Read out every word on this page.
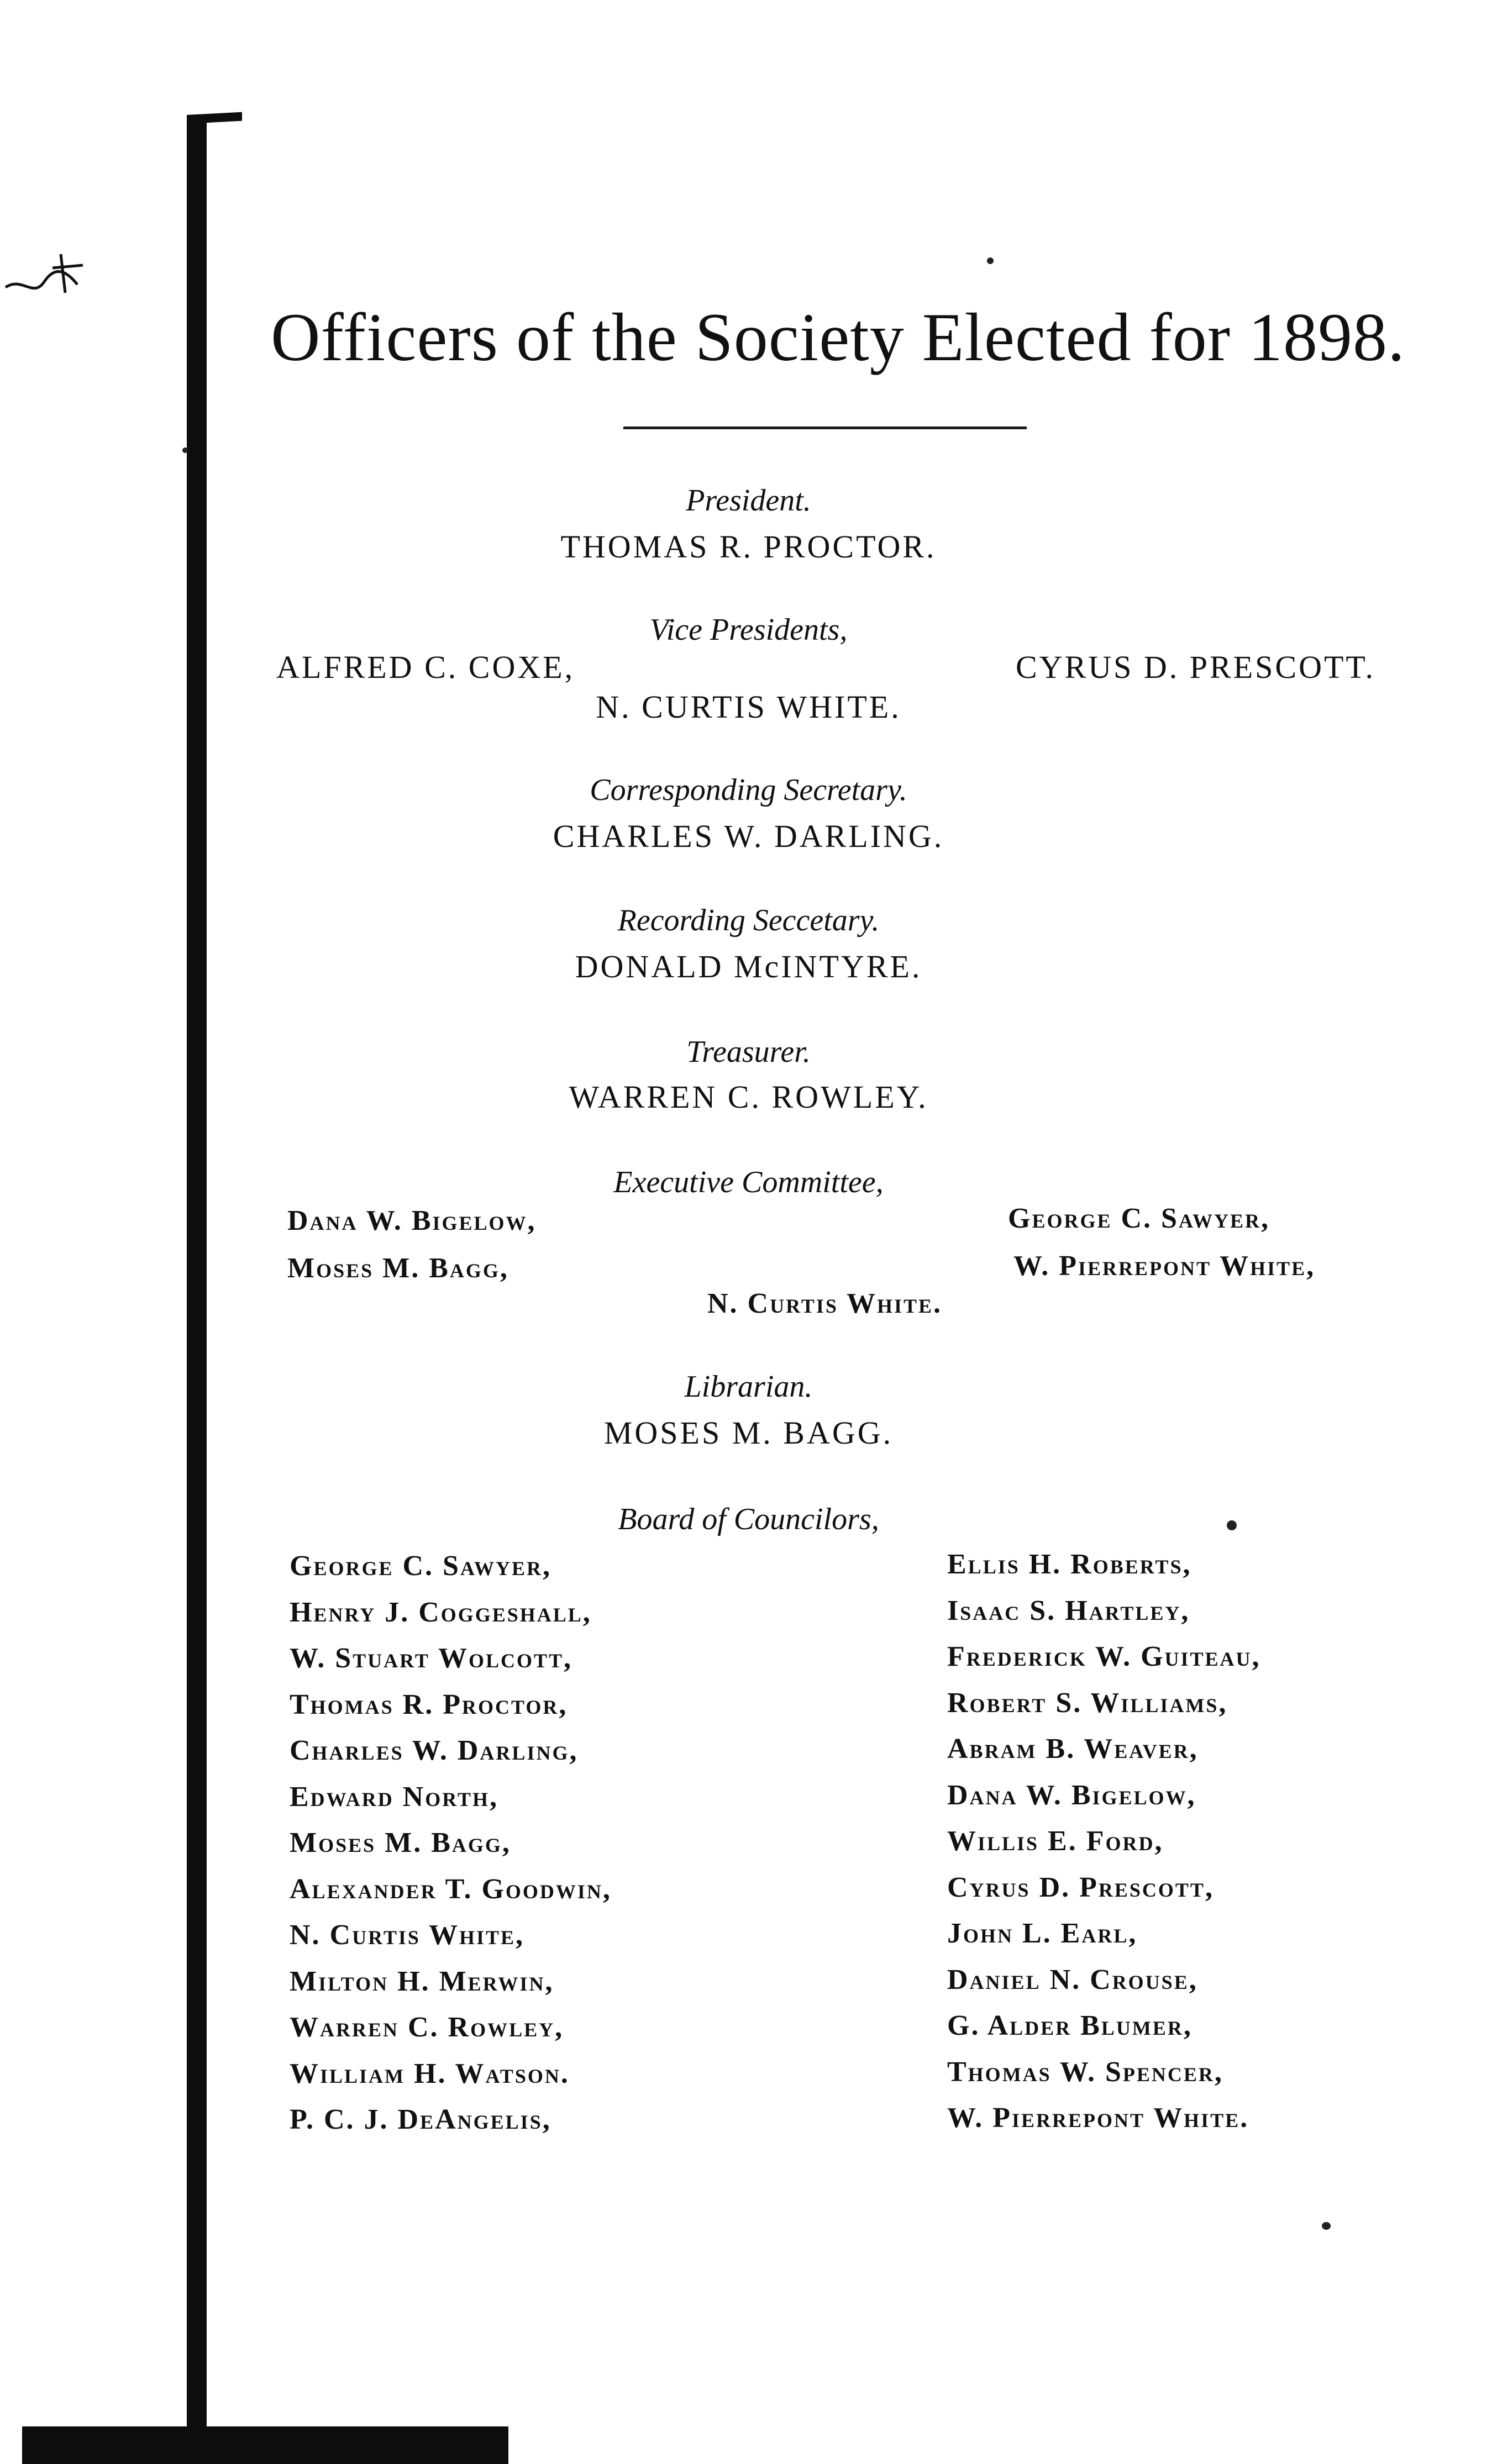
Officers of the Society Elected for 1898.
President.
THOMAS R. PROCTOR.
Vice Presidents,
ALFRED C. COXE,	CYRUS D. PRESCOTT.
N. CURTIS WHITE.
Corresponding Secretary.
CHARLES W. DARLING.
Recording Seccetary.
DONALD McINTYRE.
Treasurer.
WARREN C. ROWLEY.
Executive Committee,
Dana W. Bigelow,
Moses M. Bagg,
George C. Sawyer,
W. Pierrepont White,
N. Curtis White.
Librarian.
MOSES M. BAGG.
Board of Councilors,
George C. Sawyer,
Henry J. Coggeshall,
W. Stuart Wolcott,
Thomas R. Proctor,
Charles W. Darling,
Edward North,
Moses M. Bagg,
Alexander T. Goodwin,
N. Curtis White,
Milton H. Merwin,
Warren C. Rowley,
William H. Watson.
P. C. J. DeAngelis,
Ellis H. Roberts,
Isaac S. Hartley,
Frederick W. Guiteau,
Robert S. Williams,
Abram B. Weaver,
Dana W. Bigelow,
Willis E. Ford,
Cyrus D. Prescott,
John L. Earl,
Daniel N. Crouse,
G. Alder Blumer,
Thomas W. Spencer,
W. Pierrepont White.
